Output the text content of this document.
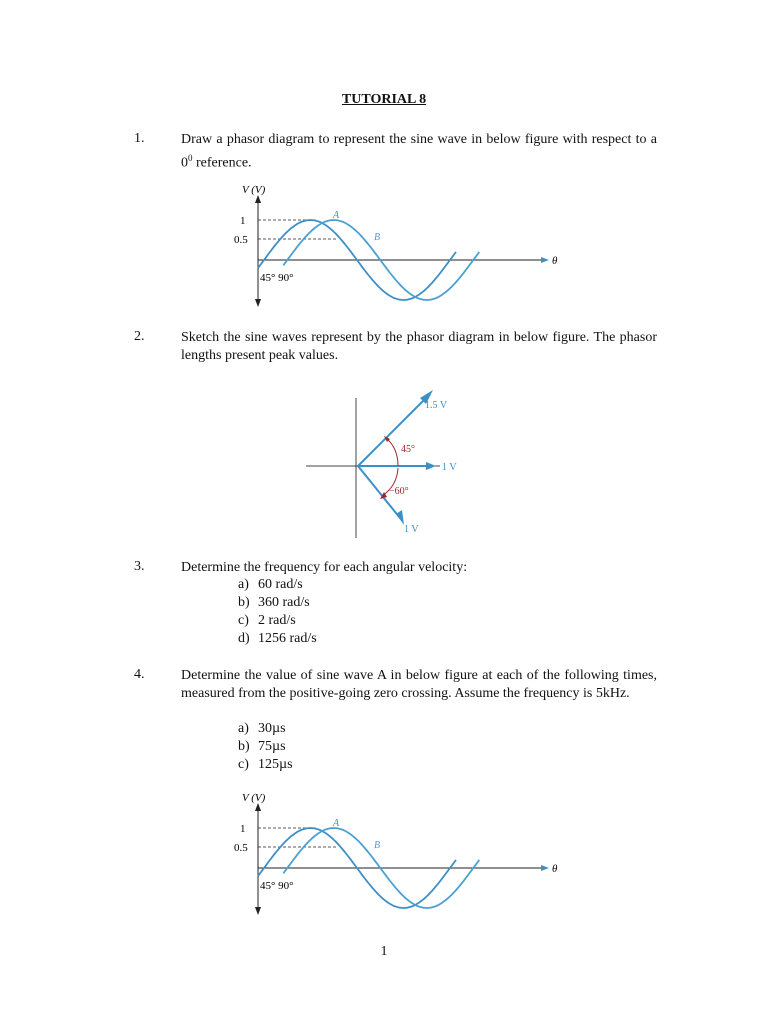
TUTORIAL 8
1.	Draw a phasor diagram to represent the sine wave in below figure with respect to a $0^0$ reference.
V (V)
1
0.5
A
B
45° 90°
θ
2.	Sketch the sine waves represent by the phasor diagram in below figure. The phasor lengths present peak values.
1.5 V
1 V
1 V
45°
−60°
3.	Determine the frequency for each angular velocity:
a) 60 rad/s
b) 360 rad/s
c) 2 rad/s
d) 1256 rad/s
4.	Determine the value of sine wave A in below figure at each of the following times, measured from the positive-going zero crossing. Assume the frequency is 5kHz.
a) 30µs
b) 75µs
c) 125µs
V (V)
1
0.5
A
B
45° 90°
θ
1
